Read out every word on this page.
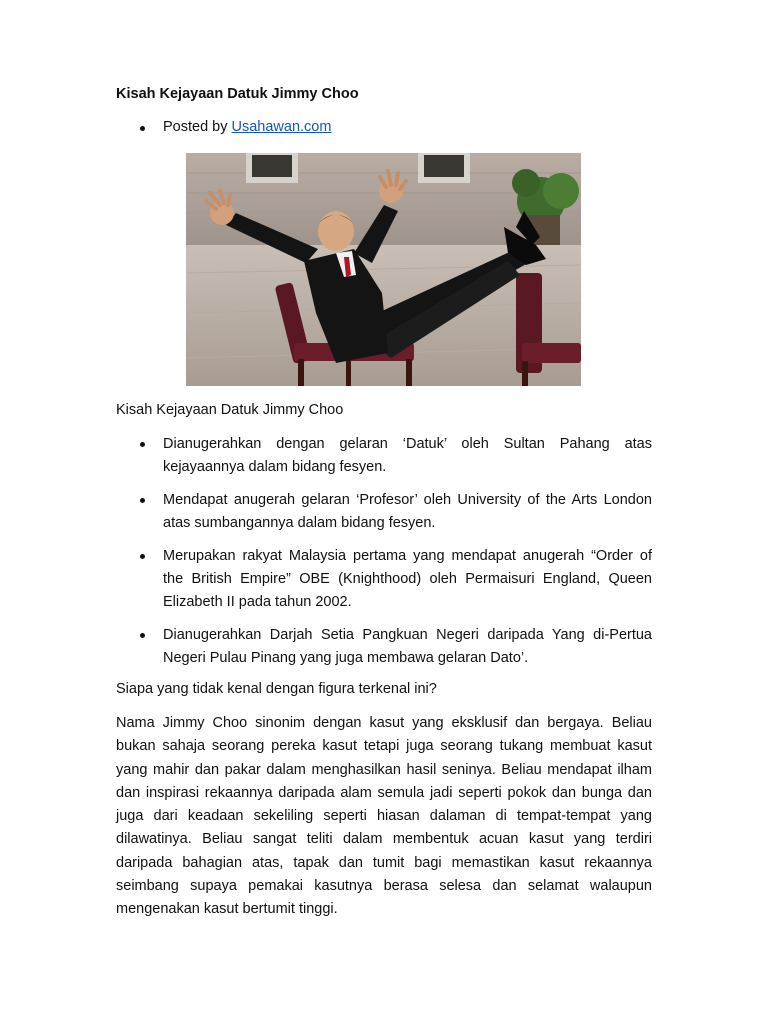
Kisah Kejayaan Datuk Jimmy Choo
Posted by Usahawan.com

Kisah Kejayaan Datuk Jimmy Choo

Dianugerahkan dengan gelaran ‘Datuk’ oleh Sultan Pahang atas kejayaannya dalam bidang fesyen.
Mendapat anugerah gelaran ‘Profesor’ oleh University of the Arts London atas sumbangannya dalam bidang fesyen.
Merupakan rakyat Malaysia pertama yang mendapat anugerah “Order of the British Empire” OBE (Knighthood) oleh Permaisuri England, Queen Elizabeth II pada tahun 2002.
Dianugerahkan Darjah Setia Pangkuan Negeri daripada Yang di-Pertua Negeri Pulau Pinang yang juga membawa gelaran Dato’.

Siapa yang tidak kenal dengan figura terkenal ini?

Nama Jimmy Choo sinonim dengan kasut yang eksklusif dan bergaya. Beliau bukan sahaja seorang pereka kasut tetapi juga seorang tukang membuat kasut yang mahir dan pakar dalam menghasilkan hasil seninya. Beliau mendapat ilham dan inspirasi rekaannya daripada alam semula jadi seperti pokok dan bunga dan juga dari keadaan sekeliling seperti hiasan dalaman di tempat-tempat yang dilawatinya. Beliau sangat teliti dalam membentuk acuan kasut yang terdiri daripada bahagian atas, tapak dan tumit bagi memastikan kasut rekaannya seimbang supaya pemakai kasutnya berasa selesa dan selamat walaupun mengenakan kasut bertumit tinggi.
